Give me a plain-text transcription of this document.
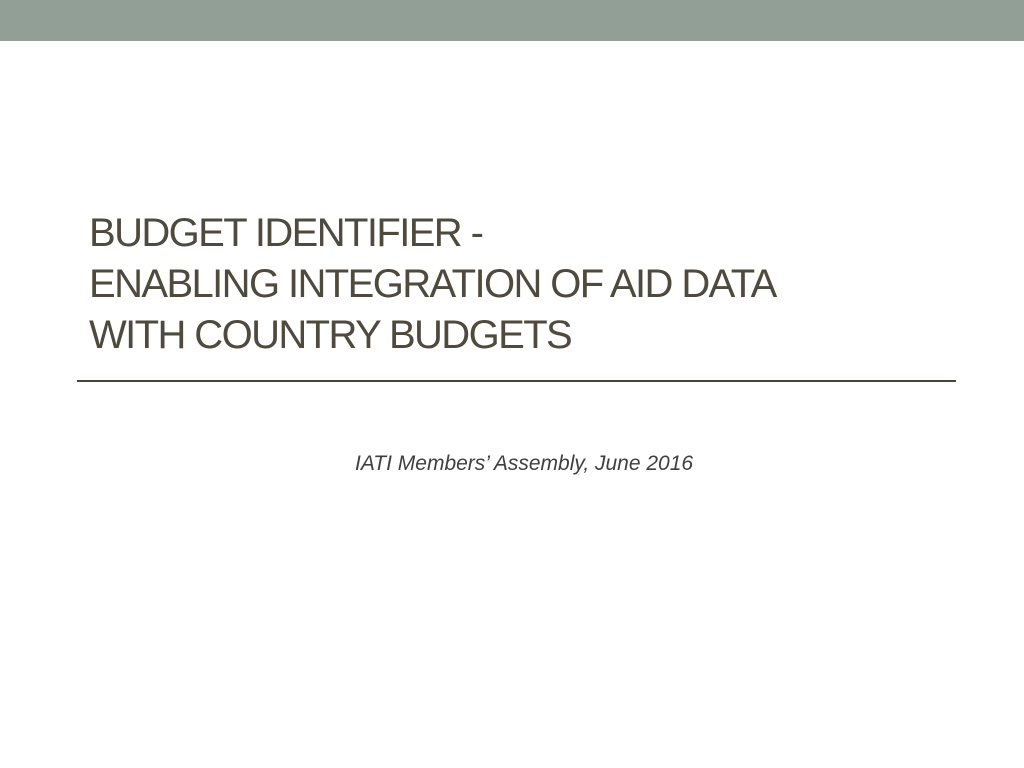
BUDGET IDENTIFIER -
ENABLING INTEGRATION OF AID DATA
WITH COUNTRY BUDGETS

IATI Members’ Assembly, June 2016
